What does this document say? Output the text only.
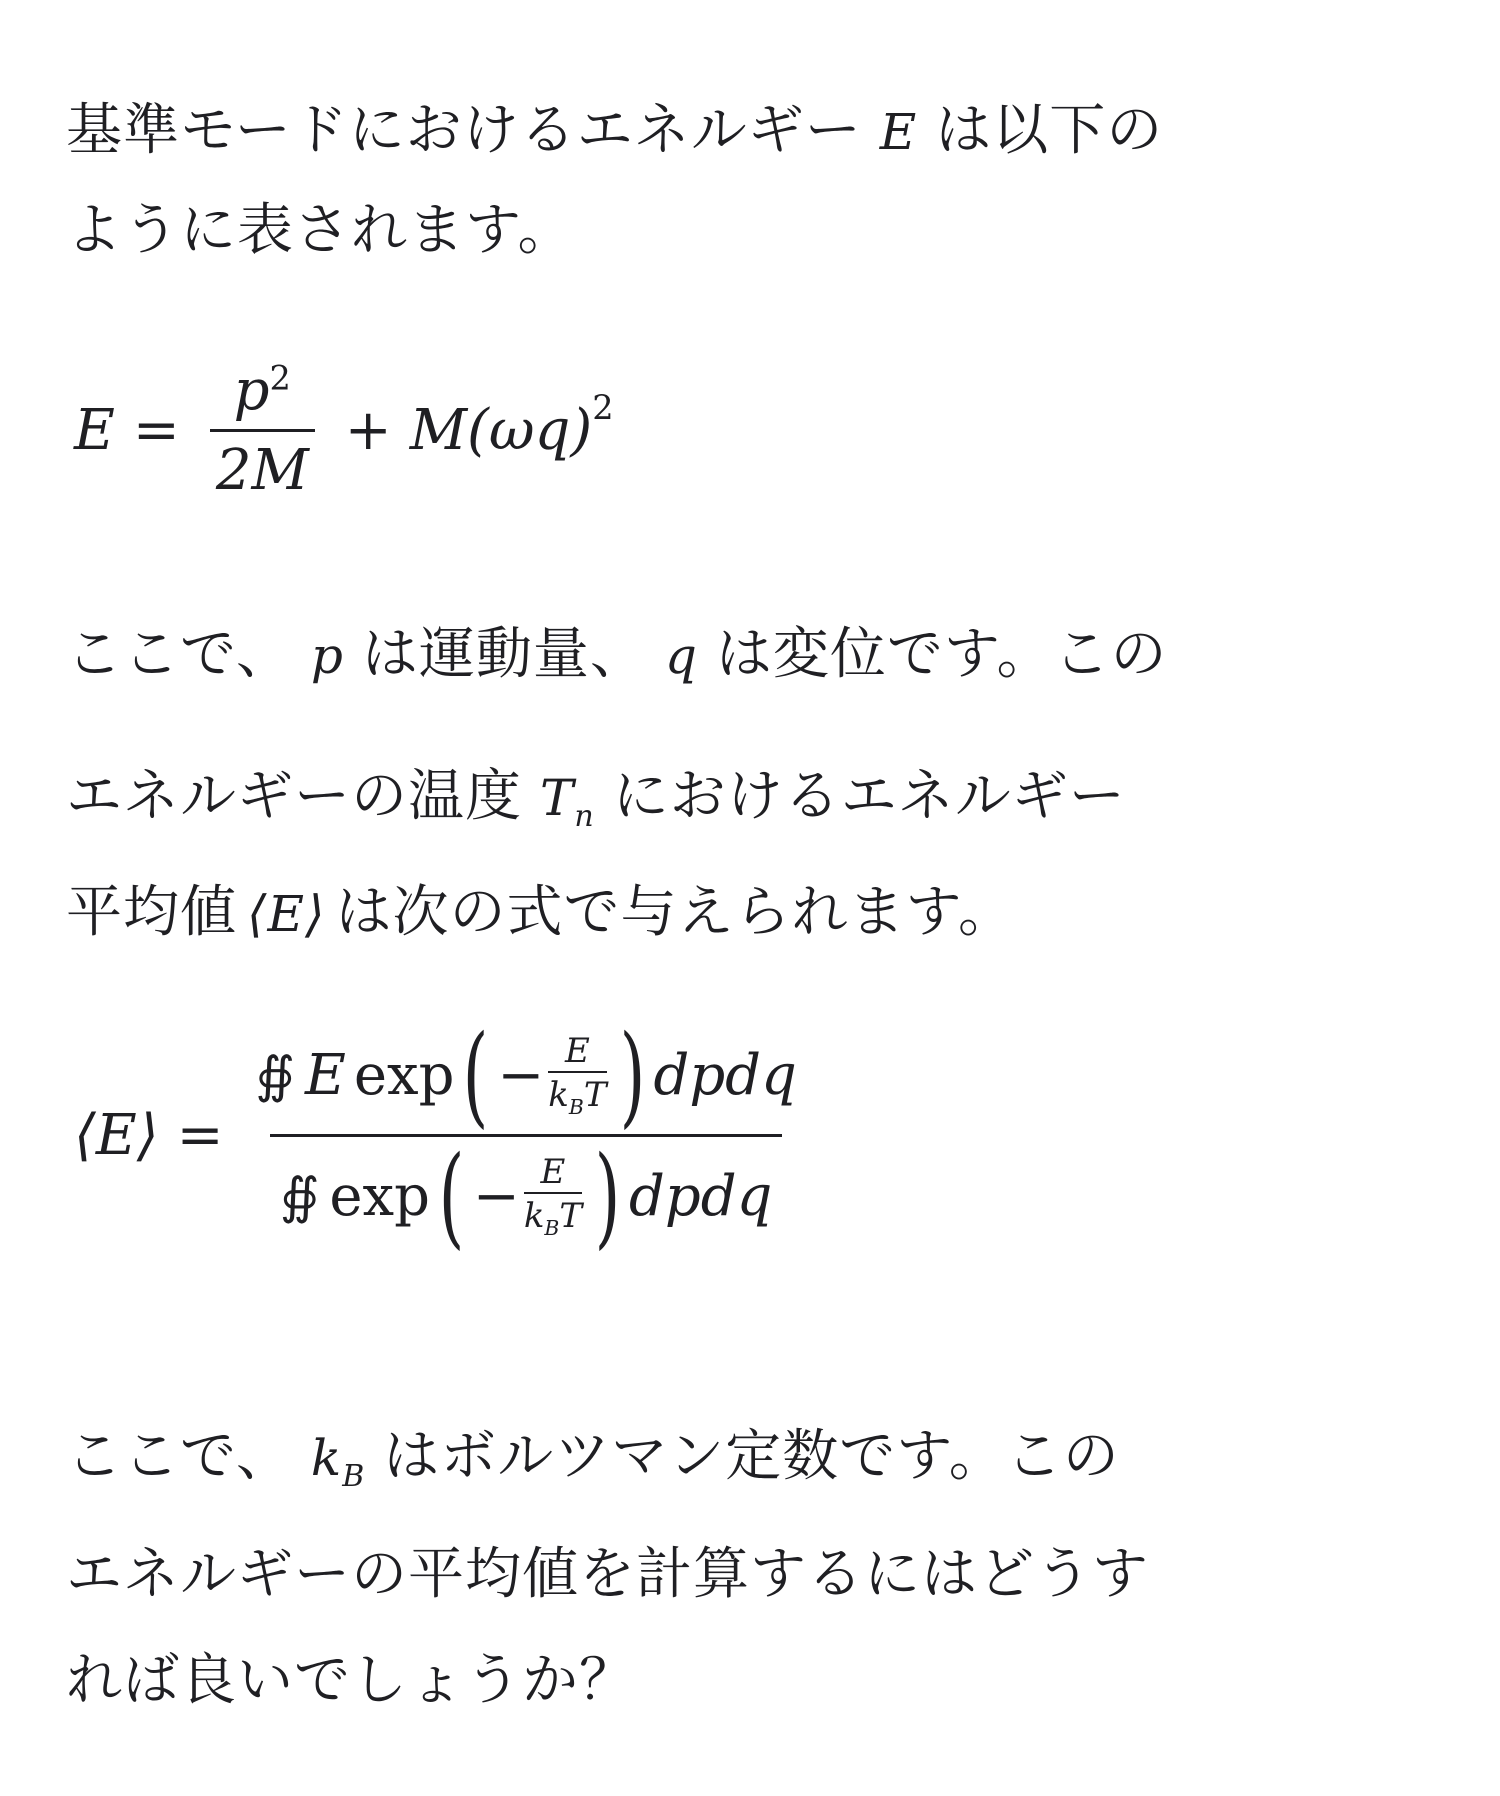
基準モードにおけるエネルギー E は以下の
ように表されます。
$E = \frac{p^2}{2M} + M(\omega q)^2$
ここで、 p は運動量、 q は変位です。この
エネルギーの温度 $T_n$ におけるエネルギー
平均値 ⟨E⟩ は次の式で与えられます。
⟨E⟩ =
∯ E exp ( − E
$k_BT$ ) dpdq
∯ exp ( − E
$k_BT$ ) dpdq
ここで、 $k_B$ はボルツマン定数です。この
エネルギーの平均値を計算するにはどうす
れば良いでしょうか？
